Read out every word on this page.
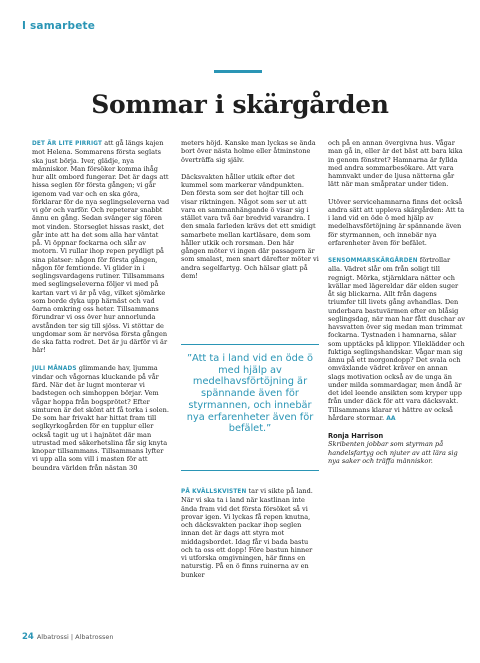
I samarbete
Sommar i skärgården

DET ÄR LITE PIRRIGT att gå längs kajen mot Helena. Sommarens första seglats ska just börja. Iver, glädje, nya människor. Man försöker komma ihåg hur allt ombord fungerar. Det är dags att hissa seglen för första gången; vi går igenom vad var och en ska göra, förklarar för de nya seglingseleverna vad vi gör och varför. Och repeterar snabbt ännu en gång. Sedan svänger sig fören mot vinden. Storseglet hissas raskt, det går inte att ha det som alla har väntat på. Vi öppnar fockarna och slår av motorn. Vi rullar ihop repen prydligt på sina platser: någon för första gången, någon för femtionde. Vi glider in i seglingsvardagens rutiner. Tillsammans med seglingseleverna följer vi med på kartan vart vi är på väg, vilket sjömärke som borde dyka upp härnäst och vad öarna omkring oss heter. Tillsammans förundrar vi oss över hur annorlunda avstånden ter sig till sjöss. Vi stöttar de ungdomar som är nervösa första gången de ska fatta rodret. Det är ju därför vi är här!

JULI MÅNADS glimmande hav, ljumma vindar och vågornas kluckande på vår färd. När det är lugnt monterar vi badstegen och simhoppen börjar. Vem vågar hoppa från bogsprötet? Efter simturen är det skönt att få torka i solen. De som har frivakt har hittat fram till seglkyrkogården för en tupplur eller också tagit ug ut i hajnätet där man utrustad med säkerhetslina får sig knyta knopar tillsammans. Tillsammans lyfter vi upp alla som vill i masten för att beundra världen från nästan 30

meters höjd. Kanske man lyckas se ända bort över nästa holme eller åtminstone överträffa sig själv.

Däcksvakten håller utkik efter det kummel som markerar vändpunkten. Den första som ser det hojtar till och visar riktningen. Något som ser ut att vara en sammanhängande ö visar sig i stället vara två öar bredvid varandra. I den smala farleden krävs det ett smidigt samarbete mellan kartläsare, dem som håller utkik och rorsman. Den här gången möter vi ingen där passagern är som smalast, men snart därefter möter vi andra segelfartyg. Och hälsar glatt på dem!

”Att ta i land vid en öde ö med hjälp av medelhavsförtöjning är spännande även för styrmannen, och innebär nya erfarenheter även för befälet.”

PÅ KVÄLLSKVISTEN tar vi sikte på land. När vi ska ta i land när kastlinan inte ända fram vid det första försöket så vi provar igen. Vi lyckas få repen knutna, och däcksvakten packar ihop seglen innan det är dags att styra mot middagsbordet. Idag får vi bada bastu och ta oss ett dopp! Före bastun hinner vi utforska omgivningen, här finns en naturstig. På en ö finns ruinerna av en bunker

och på en annan övergivna hus. Vågar man gå in, eller är det bäst att bara kika in genom fönstret? Hamnarna är fyllda med andra sommarbesökare. Att vara hamnvakt under de ljusa nätterna går lätt när man småpratar under tiden.

Utöver servicehamnarna finns det också andra sätt att uppleva skärgården: Att ta i land vid en öde ö med hjälp av medelhavsförtöjning är spännande även för styrmannen, och innebär nya erfarenheter även för befälet.

SENSOMMARSKÄRGÅRDEN förtrollar alla. Vädret slår om från soligt till regnigt. Mörka, stjärnklara nätter och kvällar med lägereldar där elden suger åt sig blickarna. Allt från dagens triumfer till livets gång avhandlas. Den underbara bastuvärmen efter en blåsig seglingsdag, när man har fått duschar av havsvatten över sig medan man trimmat fockarna. Tystnaden i hamnarna, sälar som upptäcks på klippor. Ylleklädder och fuktiga seglingshandskar. Vågar man sig ännu på ett morgondopp? Det svala och omväxlande vädret kräver en annan slags motivation också av de unga än under milda sommardagar, men ändå är det idel leende ansikten som kryper upp från under däck för att vara däcksvakt. Tillsammans klarar vi hättre av också hårdare stormar. AA

Ronja Harrison
Skribenten jobbar som styrman på handelsfartyg och njuter av att lära sig nya saker och träffa människor.
24 Albatrossi | Albatrossen
